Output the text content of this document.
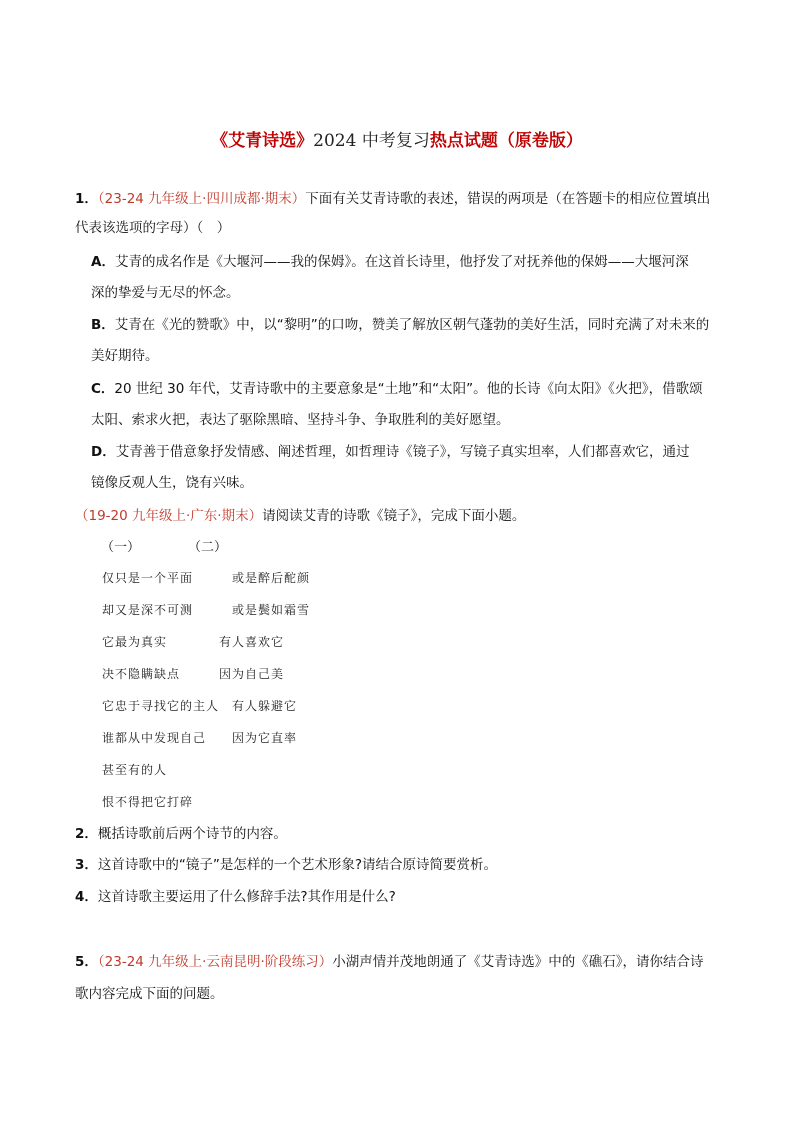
《艾青诗选》2024 中考复习热点试题（原卷版）
1．（23-24 九年级上·四川成都·期末）下面有关艾青诗歌的表述，错误的两项是（在答题卡的相应位置填出
代表该选项的字母）（　）
A．艾青的成名作是《大堰河——我的保姆》。在这首长诗里，他抒发了对抚养他的保姆——大堰河深
深的挚爱与无尽的怀念。
B．艾青在《光的赞歌》中，以“黎明”的口吻，赞美了解放区朝气蓬勃的美好生活，同时充满了对未来的
美好期待。
C．20 世纪 30 年代，艾青诗歌中的主要意象是“土地”和“太阳”。他的长诗《向太阳》《火把》，借歌颂
太阳、索求火把，表达了驱除黑暗、坚持斗争、争取胜利的美好愿望。
D．艾青善于借意象抒发情感、阐述哲理，如哲理诗《镜子》，写镜子真实坦率，人们都喜欢它，通过
镜像反观人生，饶有兴味。
（19-20 九年级上·广东·期末）请阅读艾青的诗歌《镜子》，完成下面小题。
（一）	（二）
仅只是一个平面　　　或是醉后酡颜
却又是深不可测　　　或是鬓如霜雪
它最为真实　　　　有人喜欢它
决不隐瞒缺点　　　因为自己美
它忠于寻找它的主人　有人躲避它
谁都从中发现自己　　因为它直率
甚至有的人
恨不得把它打碎
2．概括诗歌前后两个诗节的内容。
3．这首诗歌中的“镜子”是怎样的一个艺术形象?请结合原诗简要赏析。
4．这首诗歌主要运用了什么修辞手法?其作用是什么?
5．（23-24 九年级上·云南昆明·阶段练习）小湖声情并茂地朗通了《艾青诗选》中的《礁石》，请你结合诗
歌内容完成下面的问题。
